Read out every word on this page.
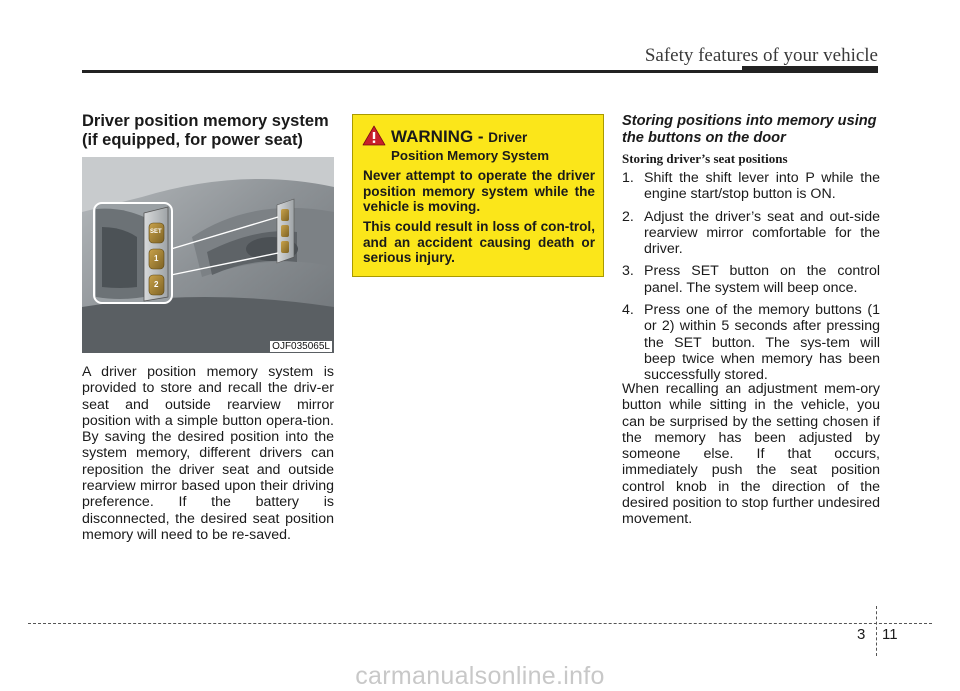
Safety features of your vehicle
Driver position memory system
(if equipped, for power seat)
SET
1
2
OJF035065L
A driver position memory system is provided to store and recall the driv-er seat and outside rearview mirror position with a simple button opera-tion. By saving the desired position into the system memory, different drivers can reposition the driver seat and outside rearview mirror based upon their driving preference. If the battery is disconnected, the desired seat position memory will need to be re-saved.
WARNING - Driver
Position Memory System
Never attempt to operate the driver position memory system while the vehicle is moving.
This could result in loss of con-trol, and an accident causing death or serious injury.
Storing positions into memory using the buttons on the door
Storing driver’s seat positions
1. Shift the shift lever into P while the engine start/stop button is ON.
2. Adjust the driver’s seat and out-side rearview mirror comfortable for the driver.
3. Press SET button on the control panel. The system will beep once.
4. Press one of the memory buttons (1 or 2) within 5 seconds after pressing the SET button. The sys-tem will beep twice when memory has been successfully stored.
When recalling an adjustment mem-ory button while sitting in the vehicle, you can be surprised by the setting chosen if the memory has been adjusted by someone else. If that occurs, immediately push the seat position control knob in the direction of the desired position to stop further undesired movement.
3 11
carmanualsonline.info
